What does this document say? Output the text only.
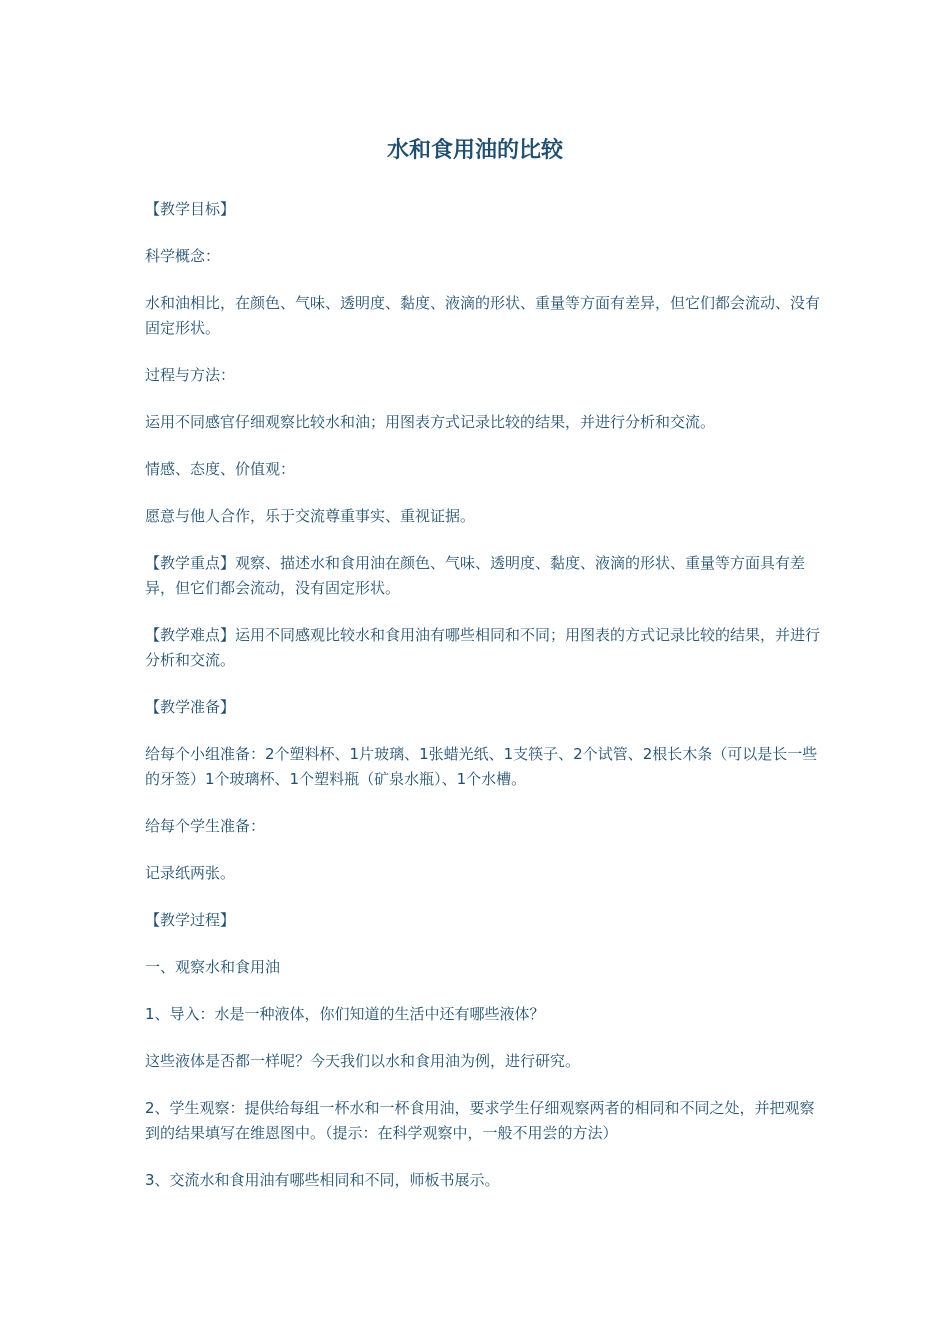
水和食用油的比较

【教学目标】

科学概念：

水和油相比，在颜色、气味、透明度、黏度、液滴的形状、重量等方面有差异，但它们都会流动、没有固定形状。

过程与方法：

运用不同感官仔细观察比较水和油；用图表方式记录比较的结果，并进行分析和交流。

情感、态度、价值观：

愿意与他人合作，乐于交流尊重事实、重视证据。

【教学重点】观察、描述水和食用油在颜色、气味、透明度、黏度、液滴的形状、重量等方面具有差异，但它们都会流动，没有固定形状。

【教学难点】运用不同感观比较水和食用油有哪些相同和不同；用图表的方式记录比较的结果，并进行分析和交流。

【教学准备】

给每个小组准备：2个塑料杯、1片玻璃、1张蜡光纸、1支筷子、2个试管、2根长木条（可以是长一些的牙签）1个玻璃杯、1个塑料瓶（矿泉水瓶）、1个水槽。

给每个学生准备：

记录纸两张。

【教学过程】

一、观察水和食用油

1、导入：水是一种液体，你们知道的生活中还有哪些液体？

这些液体是否都一样呢？今天我们以水和食用油为例，进行研究。

2、学生观察：提供给每组一杯水和一杯食用油，要求学生仔细观察两者的相同和不同之处，并把观察到的结果填写在维恩图中。（提示：在科学观察中，一般不用尝的方法）

3、交流水和食用油有哪些相同和不同，师板书展示。
